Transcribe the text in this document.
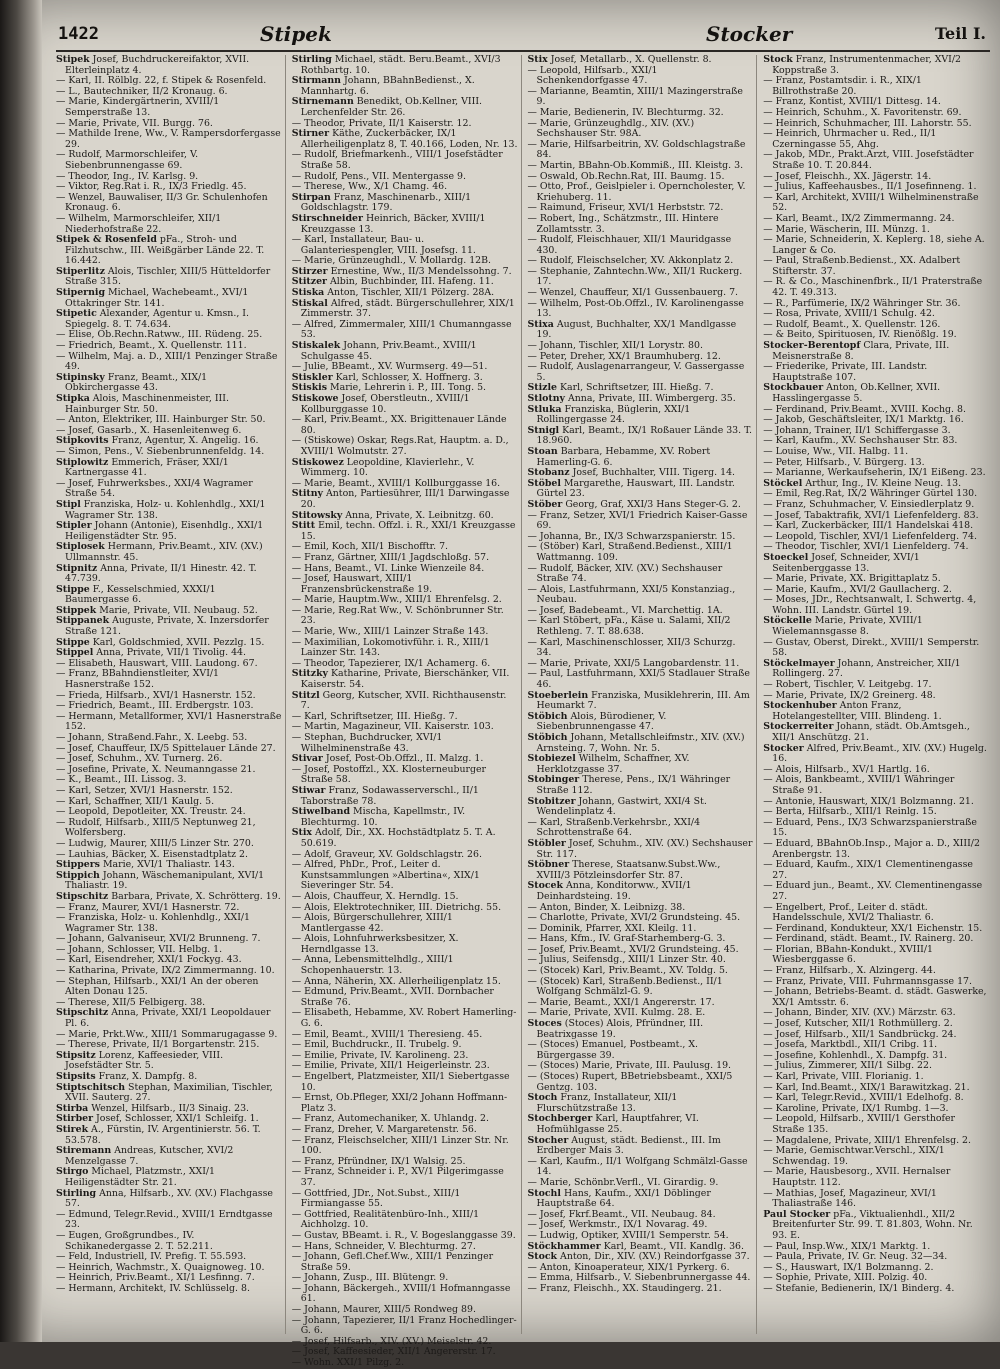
1422	Stipek	Stocker	Teil I.

Stipek Josef, Buchdruckereifaktor, XVII. Elterleinplatz 4.

— Karl, II. Rölblg. 22, f. Stipek & Rosenfeld.

— L., Bautechniker, II/2 Kronaug. 6.

— Marie, Kindergärtnerin, XVIII/1 Semperstraße 13.

— Marie, Private, VII. Burgg. 76.

— Mathilde Irene, Ww., V. Rampersdorfergasse 29.

— Rudolf, Marmorschleifer, V. Siebenbrunnengasse 69.

— Theodor, Ing., IV. Karlsg. 9.

— Viktor, Reg.Rat i. R., IX/3 Friedlg. 45.

— Wenzel, Bauwaliser, II/3 Gr. Schulenhofen Kronaug. 6.

— Wilhelm, Marmorschleifer, XII/1 Niederhofstraße 22.

Stipek & Rosenfeld pFa., Stroh- und Filzhutschw., III. Weißgärber Lände 22. T. 16.442.

Stiperlitz Alois, Tischler, XIII/5 Hütteldorfer Straße 315.

Stipernig Michael, Wachebeamt., XVI/1 Ottakringer Str. 141.

Stipetic Alexander, Agentur u. Kmsn., I. Spiegelg. 8. T. 74.634.

— Elise, Ob.Rechn.Ratww., III. Rüdeng. 25.

— Friedrich, Beamt., X. Quellenstr. 111.

— Wilhelm, Maj. a. D., XIII/1 Penzinger Straße 49.

Stipinsky Franz, Beamt., XIX/1 Obkirchergasse 43.

Stipka Alois, Maschinenmeister, III. Hainburger Str. 50.

— Anton, Elektriker, III. Hainburger Str. 50.

— Josef, Gasarb., X. Hasenleitenweg 6.

Stipkovits Franz, Agentur, X. Angelig. 16.

— Simon, Pens., V. Siebenbrunnenfeldg. 14.

Stiplowitz Emmerich, Fräser, XXI/1 Kartnergasse 41.

— Josef, Fuhrwerksbes., XXI/4 Wagramer Straße 54.

Stipl Franziska, Holz- u. Kohlenhdlg., XXI/1 Wagramer Str. 138.

Stipler Johann (Antonie), Eisenhdlg., XXI/1 Heiligenstädter Str. 95.

Stiplosek Hermann, Priv.Beamt., XIV. (XV.) Ullmannstr. 45.

Stipnitz Anna, Private, II/1 Hinestr. 42. T. 47.739.

Stippe F., Kesselschmied, XXXI/1 Baumergasse 6.

Stippek Marie, Private, VII. Neubaug. 52.

Stippanek Auguste, Private, X. Inzersdorfer Straße 121.

Stippe Karl, Goldschmied, XVII. Pezzlg. 15.

Stippel Anna, Private, VII/1 Tivolig. 44.

— Elisabeth, Hauswart, VIII. Laudong. 67.

— Franz, BBahndienstleiter, XVI/1 Hasnerstraße 152.

— Frieda, Hilfsarb., XVI/1 Hasnerstr. 152.

— Friedrich, Beamt., III. Erdbergstr. 103.

— Hermann, Metallformer, XVI/1 Hasnerstraße 152.

— Johann, Straßend.Fahr., X. Leebg. 53.

— Josef, Chauffeur, IX/5 Spittelauer Lände 27.

— Josef, Schuhm., XV. Turnerg. 26.

— Josefine, Private, X. Neumanngasse 21.

— K., Beamt., III. Lissog. 3.

— Karl, Setzer, XVI/1 Hasnerstr. 152.

— Karl, Schaffner, XII/1 Kaulg. 5.

— Leopold, Depotleiter, XX. Treustr. 24.

— Rudolf, Hilfsarb., XIII/5 Neptunweg 21, Wolfersberg.

— Ludwig, Maurer, XIII/5 Linzer Str. 270.

— Lauhias, Bäcker, X. Eisenstadtplatz 2.

Stippers Marie, XVI/1 Thaliastr. 143.

Stippich Johann, Wäschemanipulant, XVI/1 Thaliastr. 19.

Stipschitz Barbara, Private, X. Schrötterg. 19.

— Franz, Maurer, XVI/1 Hasnerstr. 72.

— Franziska, Holz- u. Kohlenhdlg., XXI/1 Wagramer Str. 138.

— Johann, Galvaniseur, XVI/2 Brunneng. 7.

— Johann, Schlosser, VII. Helbg. 1.

— Karl, Eisendreher, XXI/1 Fockyg. 43.

— Katharina, Private, IX/2 Zimmermanng. 10.

— Stephan, Hilfsarb., XXI/1 An der oberen Alten Donau 125.

— Therese, XII/5 Felbigerg. 38.

Stipschitz Anna, Private, XXI/1 Leopoldauer Pl. 6.

— Marie, Prkt.Ww., XIII/1 Sommarugagasse 9.

— Therese, Private, II/1 Borgartenstr. 215.

Stipsitz Lorenz, Kaffeesieder, VIII. Josefstädter Str. 5.

Stipsits Franz, X. Dampfg. 8.

Stiptschitsch Stephan, Maximilian, Tischler, XVII. Sauterg. 27.

Stirba Wenzel, Hilfsarb., II/3 Sinaig. 23.

Stirber Josef, Schlosser, XXI/1 Schleifg. 1.

Stirek A., Fürstin, IV. Argentinierstr. 56. T. 53.578.

Stiremann Andreas, Kutscher, XVI/2 Menzelgasse 7.

Stirgo Michael, Platzmstr., XXI/1 Heiligenstädter Str. 21.

Stirling Anna, Hilfsarb., XV. (XV.) Flachgasse 57.

— Edmund, Telegr.Revid., XVIII/1 Erndtgasse 23.

— Eugen, Großgrundbes., IV. Schikanedergasse 2. T. 52.211.

— Feld, Industriell, IV. Prefig. T. 55.593.

— Heinrich, Wachmstr., X. Quaignoweg. 10.

— Heinrich, Priv.Beamt., XI/1 Lesfinng. 7.

— Hermann, Architekt, IV. Schlüsselg. 8.

Stirling Michael, städt. Beru.Beamt., XVI/3 Rothbartg. 10.

Stirmann Johann, BBahnBedienst., X. Mannhartg. 6.

Stirnemann Benedikt, Ob.Kellner, VIII. Lerchenfelder Str. 26.

— Theodor, Private, II/1 Kaiserstr. 12.

Stirner Käthe, Zuckerbäcker, IX/1 Allerheiligenplatz 8, T. 40.166, Loden, Nr. 13.

— Rudolf, Briefmarkenh., VIII/1 Josefstädter Straße 58.

— Rudolf, Pens., VII. Mentergasse 9.

— Therese, Ww., X/1 Chamg. 46.

Stirpan Franz, Maschinenarb., XIII/1 Goldschlagstr. 179.

Stirschneider Heinrich, Bäcker, XVIII/1 Kreuzgasse 13.

— Karl, Installateur, Bau- u. Galanteriespengler, VIII. Josefsg. 11.

— Marie, Grünzeughdl., V. Mollardg. 12B.

Stirzer Ernestine, Ww., II/3 Mendelssohng. 7.

Stitzer Albin, Buchbinder, III. Hafeng. 11.

Stiska Anton, Tischler, XII/1 Pölzerg. 28A.

Stiskal Alfred, städt. Bürgerschullehrer, XIX/1 Zimmerstr. 37.

— Alfred, Zimmermaler, XIII/1 Chumanngasse 53.

Stiskalek Johann, Priv.Beamt., XVIII/1 Schulgasse 45.

— Julie, BBeamt., XV. Wurmserg. 49—51.

Stiskler Karl, Schlosser, X. Hoffnerg. 3.

Stiskis Marie, Lehrerin i. P., III. Tong. 5.

Stiskowe Josef, Oberstleutn., XVIII/1 Kollburggasse 10.

— Karl, Priv.Beamt., XX. Brigittenauer Lände 80.

— (Stiskowe) Oskar, Regs.Rat, Hauptm. a. D., XVIII/1 Wolmutstr. 27.

Stiskowez Leopoldine, Klavierlehr., V. Wimmerg. 10.

— Marie, Beamt., XVIII/1 Kollburggasse 16.

Stitny Anton, Partiesührer, III/1 Darwingasse 20.

Stitowsky Anna, Private, X. Leibnitzg. 60.

Stitt Emil, techn. Offzl. i. R., XXI/1 Kreuzgasse 15.

— Emil, Koch, XII/1 Bischofftr. 7.

— Franz, Gärtner, XIII/1 Jagdschloßg. 57.

— Hans, Beamt., VI. Linke Wienzeile 84.

— Josef, Hauswart, XIII/1 Franzensbrückenstraße 19.

— Marie, Hauptm.Ww., XIII/1 Ehrenfelsg. 2.

— Marie, Reg.Rat Ww., V. Schönbrunner Str. 23.

— Marie, Ww., XIII/1 Lainzer Straße 143.

— Maximilian, Lokomotivführ. i. R., XIII/1 Lainzer Str. 143.

— Theodor, Tapezierer, IX/1 Achamerg. 6.

Stitzky Katharine, Private, Bierschänker, VII. Kaiserstr. 54.

Stitzl Georg, Kutscher, XVII. Richthausenstr. 7.

— Karl, Schriftsetzer, III. Hießg. 7.

— Martin, Magazineur, VII. Kaiserstr. 103.

— Stephan, Buchdrucker, XVI/1 Wilhelminenstraße 43.

Stivar Josef, Post-Ob.Offzl., II. Malzg. 1.

— Josef, Postoffzl., XX. Klosterneuburger Straße 58.

Stiwar Franz, Sodawasserverschl., II/1 Taborstraße 78.

Stiwelband Mischa, Kapellmstr., IV. Blechturmg. 10.

Stix Adolf, Dir., XX. Hochstädtplatz 5. T. A. 50.619.

— Adolf, Graveur, XV. Goldschlagstr. 26.

— Alfred, PhDr., Prof., Leiter d. Kunstsammlungen »Albertina«, XIX/1 Sieveringer Str. 54.

— Alois, Chauffeur, X. Herndlg. 15.

— Alois, Elektrotechniker, III. Dietrichg. 55.

— Alois, Bürgerschullehrer, XIII/1 Mantlergasse 42.

— Alois, Lohnfuhrwerksbesitzer, X. Herndlgasse 13.

— Anna, Lebensmittelhdlg., XIII/1 Schopenhauerstr. 13.

— Anna, Näherin, XX. Allerheiligenplatz 15.

— Edmund, Priv.Beamt., XVII. Dornbacher Straße 76.

— Elisabeth, Hebamme, XV. Robert Hamerling-G. 6.

— Emil, Beamt., XVIII/1 Theresieng. 45.

— Emil, Buchdruckr., II. Trubelg. 9.

— Emilie, Private, IV. Karolineng. 23.

— Emilie, Private, XII/1 Heigerleinstr. 23.

— Engelbert, Platzmeister, XII/1 Siebertgasse 10.

— Ernst, Ob.Pfleger, XXI/2 Johann Hoffmann-Platz 3.

— Franz, Automechaniker, X. Uhlandg. 2.

— Franz, Dreher, V. Margaretenstr. 56.

— Franz, Fleischselcher, XIII/1 Linzer Str. Nr. 100.

— Franz, Pfründner, IX/1 Walsig. 25.

— Franz, Schneider i. P., XV/1 Pilgerimgasse 37.

— Gottfried, JDr., Not.Subst., XIII/1 Firmiangasse 55.

— Gottfried, Realitätenbüro-Inh., XIII/1 Aichholzg. 10.

— Gustav, BBeamt. i. R., V. Bogeslanggasse 39.

— Hans, Schneider, V. Blechturmg. 27.

— Johann, Gefl.Chef.Ww., XIII/1 Penzinger Straße 59.

— Johann, Zusp., III. Blütengr. 9.

— Johann, Bäckergeh., XVIII/1 Hofmanngasse 61.

— Johann, Maurer, XIII/5 Rondweg 89.

— Johann, Tapezierer, II/1 Franz Hochedlinger-G. 6.

— Josef, Hilfsarb., XIV. (XV.) Meiselstr. 42.

— Josef, Kaffeesieder, XII/1 Angererstr. 17.

— Wohn. XXI/1 Pilzg. 2.

Stix Josef, Metallarb., X. Quellenstr. 8.

— Leopold, Hilfsarb., XXI/1 Schenkendorfgasse 47.

— Marianne, Beamtin, XIII/1 Mazingerstraße 9.

— Marie, Bedienerin, IV. Blechturmg. 32.

— Marie, Grünzeughdlg., XIV. (XV.) Sechshauser Str. 98A.

— Marie, Hilfsarbeitrin, XV. Goldschlagstraße 84.

— Martin, BBahn-Ob.Kommiß., III. Kleistg. 3.

— Oswald, Ob.Rechn.Rat, III. Baumg. 15.

— Otto, Prof., Geislpieler i. Operncholester, V. Kriehuberg. 11.

— Raimund, Friseur, XVI/1 Herbststr. 72.

— Robert, Ing., Schätzmstr., III. Hintere Zollamtsstr. 3.

— Rudolf, Fleischhauer, XII/1 Mauridgasse 430.

— Rudolf, Fleischselcher, XV. Akkonplatz 2.

— Stephanie, Zahntechn.Ww., XII/1 Ruckerg. 17.

— Wenzel, Chauffeur, XI/1 Gussenbauerg. 7.

— Wilhelm, Post-Ob.Offzl., IV. Karolinengasse 13.

Stixa August, Buchhalter, XX/1 Mandlgasse 19.

— Johann, Tischler, XII/1 Lorystr. 80.

— Peter, Dreher, XX/1 Braumhuberg. 12.

— Rudolf, Auslagenarrangeur, V. Gassergasse 5.

Stizle Karl, Schriftsetzer, III. Hießg. 7.

Stlotny Anna, Private, III. Wimbergerg. 35.

Stluka Franziska, Büglerin, XXI/1 Rollingergasse 24.

Stnigl Karl, Beamt., IX/1 Roßauer Lände 33. T. 18.960.

Stoan Barbara, Hebamme, XV. Robert Hamerling-G. 6.

Stobanz Josef, Buchhalter, VIII. Tigerg. 14.

Stöbel Margarethe, Hauswart, III. Landstr. Gürtel 23.

Stöber Georg, Graf, XXI/3 Hans Steger-G. 2.

— Franz, Setzer, XVI/1 Friedrich Kaiser-Gasse 69.

— Johanna, Br., IX/3 Schwarzspanierstr. 15.

— (Stöber) Karl, Straßend.Bedienst., XIII/1 Wattmanng. 109.

— Rudolf, Bäcker, XIV. (XV.) Sechshauser Straße 74.

— Alois, Lastfuhrmann, XXI/5 Konstanziag., Neubau.

— Josef, Badebeamt., VI. Marchettig. 1A.

— Karl Stöbert, pFa., Käse u. Salami, XII/2 Rethleng. 7. T. 88.638.

— Karl, Maschinenschlosser, XII/3 Schurzg. 34.

— Marie, Private, XXI/5 Langobardenstr. 11.

— Paul, Lastfuhrmann, XXI/5 Stadlauer Straße 46.

Stoeberlein Franziska, Musiklehrerin, III. Am Heumarkt 7.

Stöbich Alois, Bürodiener, V. Siebenbrunnengasse 47.

Stöbich Johann, Metallschleifmstr., XIV. (XV.) Arnsteing. 7, Wohn. Nr. 5.

Stobiezel Wilhelm, Schaffner, XV. Herklotzgasse 37.

Stobinger Therese, Pens., IX/1 Währinger Straße 112.

Stobitzer Johann, Gastwirt, XXI/4 St. Wendelinplatz 4.

— Karl, Straßenb.Verkehrsbr., XXI/4 Schrottenstraße 64.

Stöbler Josef, Schuhm., XIV. (XV.) Sechshauser Str. 117.

Stöbner Therese, Staatsanw.Subst.Ww., XVIII/3 Pötzleinsdorfer Str. 87.

Stocek Anna, Konditorww., XVII/1 Deinhardsteing. 19.

— Anton, Binder, X. Leibnizg. 38.

— Charlotte, Private, XVI/2 Grundsteing. 45.

— Dominik, Pfarrer, XXI. Kleilg. 11.

— Hans, Kfm., IV. Graf-Starhemberg-G. 3.

— Josef, Priv.Beamt., XVI/2 Grundsteing. 45.

— Julius, Seifensdg., XIII/1 Linzer Str. 40.

— (Stocek) Karl, Priv.Beamt., XV. Toldg. 5.

— (Stocek) Karl, Straßenb.Bedienst., II/1 Wolfgang Schmälzl-G. 9.

— Marie, Beamt., XXI/1 Angererstr. 17.

— Marie, Private, XVII. Kulmg. 28. E.

Stoces (Stoces) Alois, Pfründner, III. Beatrixgasse 19.

— (Stoces) Emanuel, Postbeamt., X. Bürgergasse 39.

— (Stoces) Marie, Private, III. Paulusg. 19.

— (Stoces) Rupert, BBetriebsbeamt., XXI/5 Gentzg. 103.

Stoch Franz, Installateur, XII/1 Flurschützstraße 13.

Stochberger Karl, Hauptfahrer, VI. Hofmühlgasse 25.

Stocher August, städt. Bedienst., III. Im Erdberger Mais 3.

— Karl, Kaufm., II/1 Wolfgang Schmälzl-Gasse 14.

— Marie, Schönbr.Verfl., VI. Girardig. 9.

Stochl Hans, Kaufm., XXI/1 Döblinger Hauptstraße 64.

— Josef, Fkrf.Beamt., VII. Neubaug. 84.

— Josef, Werkmstr., IX/1 Novarag. 49.

— Ludwig, Optiker, XVIII/1 Semperstr. 54.

Stöckhammer Karl, Beamt., VII. Kandlg. 36.

Stock Anton, Dir., XIV. (XV.) Reindorfgasse 37.

— Anton, Kinoaperateur, XIX/1 Pyrkerg. 6.

— Emma, Hilfsarb., V. Siebenbrunnergasse 44.

— Franz, Fleischh., XX. Staudingerg. 21.

Stock Franz, Instrumentenmacher, XVI/2 Koppstraße 3.

— Franz, Postamtsdir. i. R., XIX/1 Billrothstraße 20.

— Franz, Kontist, XVIII/1 Dittesg. 14.

— Heinrich, Schuhm., X. Favoritenstr. 69.

— Heinrich, Schuhmacher, III. Lahorstr. 55.

— Heinrich, Uhrmacher u. Red., II/1 Czerningasse 55, Ahg.

— Jakob, MDr., Prakt.Arzt, VIII. Josefstädter Straße 10. T. 20.844.

— Josef, Fleischh., XX. Jägerstr. 14.

— Julius, Kaffeehausbes., II/1 Josefinneng. 1.

— Karl, Architekt, XVIII/1 Wilhelminenstraße 52.

— Karl, Beamt., IX/2 Zimmermanng. 24.

— Marie, Wäscherin, III. Münzg. 1.

— Marie, Schneiderin, X. Keplerg. 18, siehe A. Langer & Co.

— Paul, Straßenb.Bedienst., XX. Adalbert Stifterstr. 37.

— R. & Co., Maschinenfbrk., II/1 Praterstraße 42. T. 49.313.

— R., Parfümerie, IX/2 Währinger Str. 36.

— Rosa, Private, XVIII/1 Schulg. 42.

— Rudolf, Beamt., X. Quellenstr. 126.

— & Beito, Spirituosen, IV. Rienößlg. 19.

Stocker-Berentopf Clara, Private, III. Meisnerstraße 8.

— Friederike, Private, III. Landstr. Hauptstraße 107.

Stockbauer Anton, Ob.Kellner, XVII. Hasslingergasse 5.

— Ferdinand, Priv.Beamt., XVIII. Kochg. 8.

— Jakob, Geschäftsleiter, IX/1 Marktg. 16.

— Johann, Trainer, II/1 Schiffergasse 3.

— Karl, Kaufm., XV. Sechshauser Str. 83.

— Louise, Ww., VII. Halbg. 11.

— Peter, Hilfsarb., V. Bürgerg. 13.

— Marianne, Werkaufseherin, IX/1 Eißeng. 23.

Stöckel Arthur, Ing., IV. Kleine Neug. 13.

— Emil, Reg.Rat, IX/2 Währinger Gürtel 130.

— Franz, Schuhmacher, V. Einsiedlerplatz 9.

— Josef, Tabaktrafik, XVI/1 Liefenfelderg. 83.

— Karl, Zuckerbäcker, III/1 Handelskai 418.

— Leopold, Tischler, XVI/1 Liefenfelderg. 74.

— Theodor, Tischler, XVI/1 Lienfelderg. 74.

Stoeckel Josef, Schneider, XVI/1 Seitenberggasse 13.

— Marie, Private, XX. Brigittaplatz 5.

— Marie, Kaufm., XVI/2 Gaullacherg. 2.

— Moses, JDr., Rechtsanwalt, I. Schwertg. 4, Wohn. III. Landstr. Gürtel 19.

Stöckelle Marie, Private, XVIII/1 Wielemannsgasse 8.

— Gustav, Oberst, Direkt., XVIII/1 Semperstr. 58.

Stöckelmayer Johann, Anstreicher, XII/1 Rollingerg. 27.

— Robert, Tischler, V. Leitgebg. 17.

— Marie, Private, IX/2 Greinerg. 48.

Stockenhuber Anton Franz, Hotelangestellter, VIII. Blindeng. 1.

Stockerreiter Johann, städt. Ob.Amtsgeh., XII/1 Anschützg. 21.

Stocker Alfred, Priv.Beamt., XIV. (XV.) Hugelg. 16.

— Alois, Hilfsarb., XV/1 Hartlg. 16.

— Alois, Bankbeamt., XVIII/1 Währinger Straße 91.

— Antonie, Hauswart, XIX/1 Bolzmanng. 21.

— Berta, Hilfsarb., XIII/1 Reinlg. 15.

— Eduard, Pens., IX/3 Schwarzspanierstraße 15.

— Eduard, BBahnOb.Insp., Major a. D., XIII/2 Arenbergstr. 13.

— Eduard, Kaufm., XIX/1 Clementinengasse 27.

— Eduard jun., Beamt., XV. Clementinengasse 27.

— Engelbert, Prof., Leiter d. städt. Handelsschule, XVI/2 Thaliastr. 6.

— Ferdinand, Kondukteur, XX/1 Eichenstr. 15.

— Ferdinand, städt. Beamt., IV. Rainerg. 20.

— Florian, BBahn-Kondukt., XVIII/1 Wiesberggasse 6.

— Franz, Hilfsarb., X. Alzingerg. 44.

— Franz, Private, VIII. Fuhrmannsgasse 17.

— Johann, Betriebs-Beamt. d. städt. Gaswerke, XX/1 Amtsstr. 6.

— Johann, Binder, XIV. (XV.) Märzstr. 63.

— Josef, Kutscher, XII/1 Rothmüllerg. 2.

— Josef, Hilfsarb., XII/1 Sandbrückg. 24.

— Josefa, Marktbdl., XII/1 Cribg. 11.

— Josefine, Kohlenhdl., X. Dampfg. 31.

— Julius, Zimmerer, XII/1 Silbg. 22.

— Karl, Private, VIII. Florianig. 1.

— Karl, Ind.Beamt., XIX/1 Barawitzkag. 21.

— Karl, Telegr.Revid., XVIII/1 Edelhofg. 8.

— Karoline, Private, IX/1 Rumbg. 1—3.

— Leopold, Hilfsarb., XVIII/1 Gersthofer Straße 135.

— Magdalene, Private, XIII/1 Ehrenfelsg. 2.

— Marie, Gemischtwar.Verschl., XIX/1 Schwendag. 19.

— Marie, Hausbesorg., XVII. Hernalser Hauptstr. 112.

— Mathias, Josef, Magazineur, XVI/1 Thaliastraße 146.

Paul Stocker pFa., Viktualienhdl., XII/2 Breitenfurter Str. 99. T. 81.803, Wohn. Nr. 93. E.

— Paul, Insp.Ww., XIX/1 Marktg. 1.

— Paula, Private, IV. Gr. Neug. 32—34.

— S., Hauswart, IX/1 Bolzmanng. 2.

— Sophie, Private, XIII. Polzig. 40.

— Stefanie, Bedienerin, IX/1 Binderg. 4.
